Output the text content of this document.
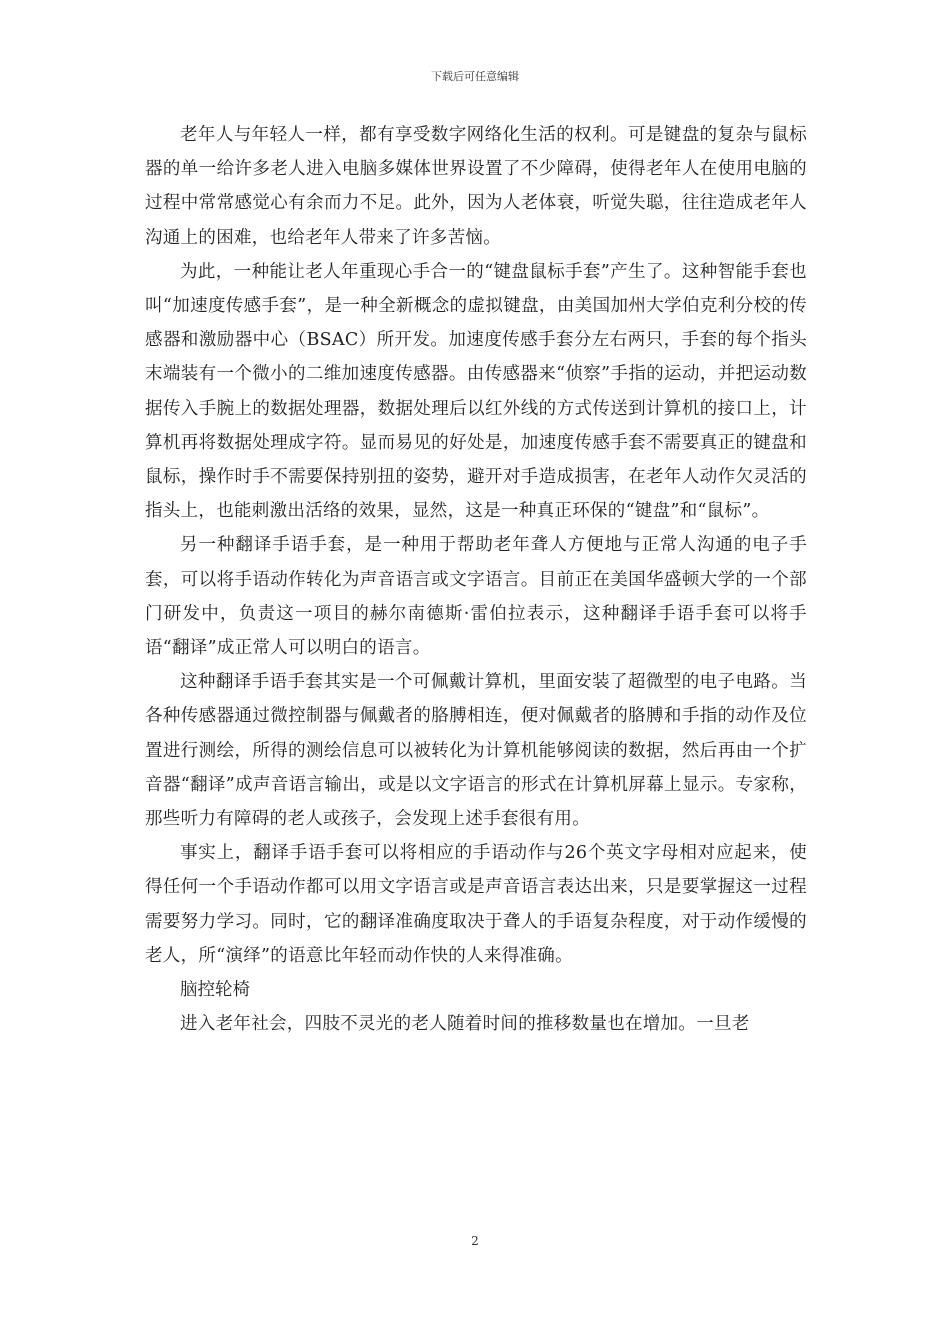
下载后可任意编辑

老年人与年轻人一样，都有享受数字网络化生活的权利。可是键盘的复杂与鼠标器的单一给许多老人进入电脑多媒体世界设置了不少障碍，使得老年人在使用电脑的过程中常常感觉心有余而力不足。此外，因为人老体衰，听觉失聪，往往造成老年人沟通上的困难，也给老年人带来了许多苦恼。

为此，一种能让老人年重现心手合一的“键盘鼠标手套”产生了。这种智能手套也叫“加速度传感手套”，是一种全新概念的虚拟键盘，由美国加州大学伯克利分校的传感器和激励器中心（BSAC）所开发。加速度传感手套分左右两只，手套的每个指头末端装有一个微小的二维加速度传感器。由传感器来“侦察”手指的运动，并把运动数据传入手腕上的数据处理器，数据处理后以红外线的方式传送到计算机的接口上，计算机再将数据处理成字符。显而易见的好处是，加速度传感手套不需要真正的键盘和鼠标，操作时手不需要保持别扭的姿势，避开对手造成损害，在老年人动作欠灵活的指头上，也能刺激出活络的效果，显然，这是一种真正环保的“键盘”和“鼠标”。

另一种翻译手语手套，是一种用于帮助老年聋人方便地与正常人沟通的电子手套，可以将手语动作转化为声音语言或文字语言。目前正在美国华盛顿大学的一个部门研发中，负责这一项目的赫尔南德斯·雷伯拉表示，这种翻译手语手套可以将手语“翻译”成正常人可以明白的语言。

这种翻译手语手套其实是一个可佩戴计算机，里面安装了超微型的电子电路。当各种传感器通过微控制器与佩戴者的胳膊相连，便对佩戴者的胳膊和手指的动作及位置进行测绘，所得的测绘信息可以被转化为计算机能够阅读的数据，然后再由一个扩音器“翻译”成声音语言输出，或是以文字语言的形式在计算机屏幕上显示。专家称，那些听力有障碍的老人或孩子，会发现上述手套很有用。

事实上，翻译手语手套可以将相应的手语动作与26个英文字母相对应起来，使得任何一个手语动作都可以用文字语言或是声音语言表达出来，只是要掌握这一过程需要努力学习。同时，它的翻译准确度取决于聋人的手语复杂程度，对于动作缓慢的老人，所“演绎”的语意比年轻而动作快的人来得准确。

脑控轮椅

进入老年社会，四肢不灵光的老人随着时间的推移数量也在增加。一旦老

2
